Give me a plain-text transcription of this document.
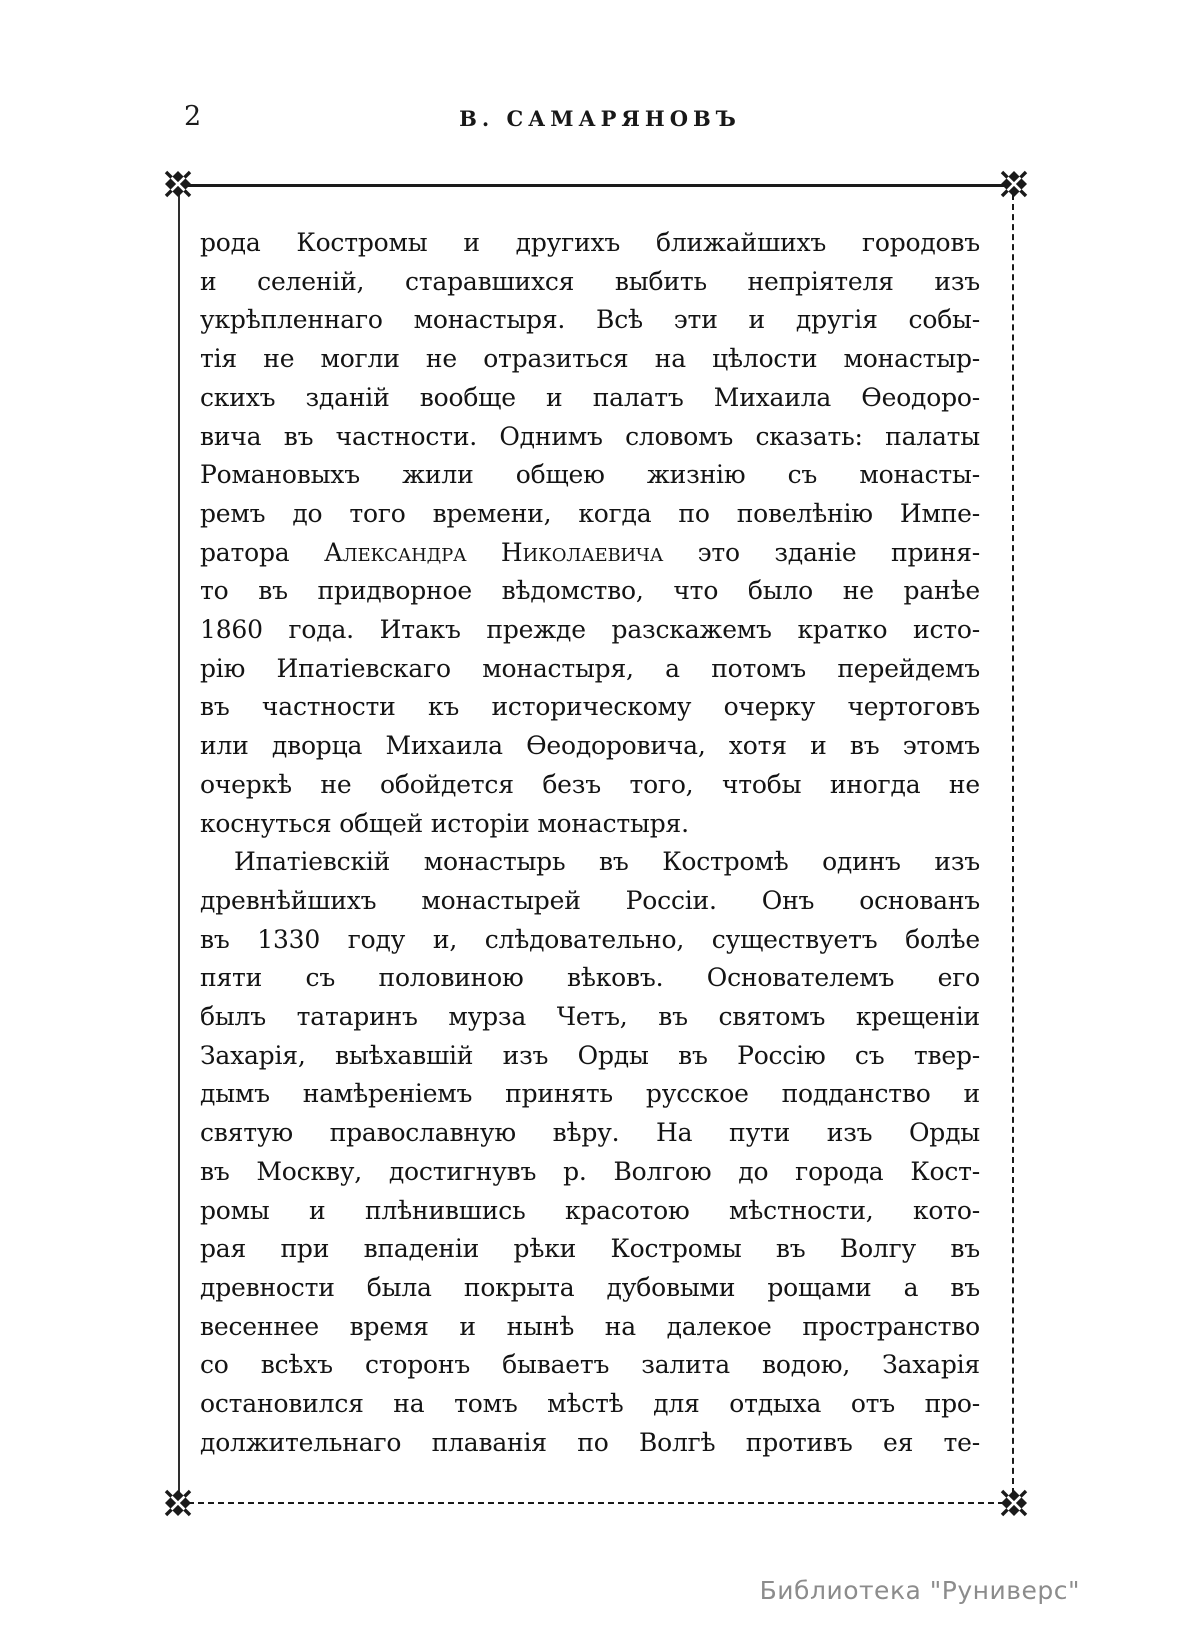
2	В. САМАРЯНОВЪ
рода Костромы и другихъ ближайшихъ городовъ
и селеній, старавшихся выбить непріятеля изъ
укрѣпленнаго монастыря. Всѣ эти и другія собы-
тія не могли не отразиться на цѣлости монастыр-
скихъ зданій вообще и палатъ Михаила Ѳеодоро-
вича въ частности. Однимъ словомъ сказать: палаты
Романовыхъ жили общею жизнію съ монасты-
ремъ до того времени, когда по повелѣнію Импе-
ратора Александра Николаевича это зданіе приня-
то въ придворное вѣдомство, что было не ранѣе
1860 года. Итакъ прежде разскажемъ кратко исто-
рію Ипатіевскаго монастыря, а потомъ перейдемъ
въ частности къ историческому очерку чертоговъ
или дворца Михаила Ѳеодоровича, хотя и въ этомъ
очеркѣ не обойдется безъ того, чтобы иногда не
коснуться общей исторіи монастыря.
Ипатіевскій монастырь въ Костромѣ одинъ изъ
древнѣйшихъ монастырей Россіи. Онъ основанъ
въ 1330 году и, слѣдовательно, существуетъ болѣе
пяти съ половиною вѣковъ. Основателемъ его
былъ татаринъ мурза Четъ, въ святомъ крещеніи
Захарія, выѣхавшій изъ Орды въ Россію съ твер-
дымъ намѣреніемъ принять русское подданство и
святую православную вѣру. На пути изъ Орды
въ Москву, достигнувъ р. Волгою до города Кост-
ромы и плѣнившись красотою мѣстности, кото-
рая при впаденіи рѣки Костромы въ Волгу въ
древности была покрыта дубовыми рощами а въ
весеннее время и нынѣ на далекое пространство
со всѣхъ сторонъ бываетъ залита водою, Захарія
остановился на томъ мѣстѣ для отдыха отъ про-
должительнаго плаванія по Волгѣ противъ ея те-
Библиотека "Руниверс"
